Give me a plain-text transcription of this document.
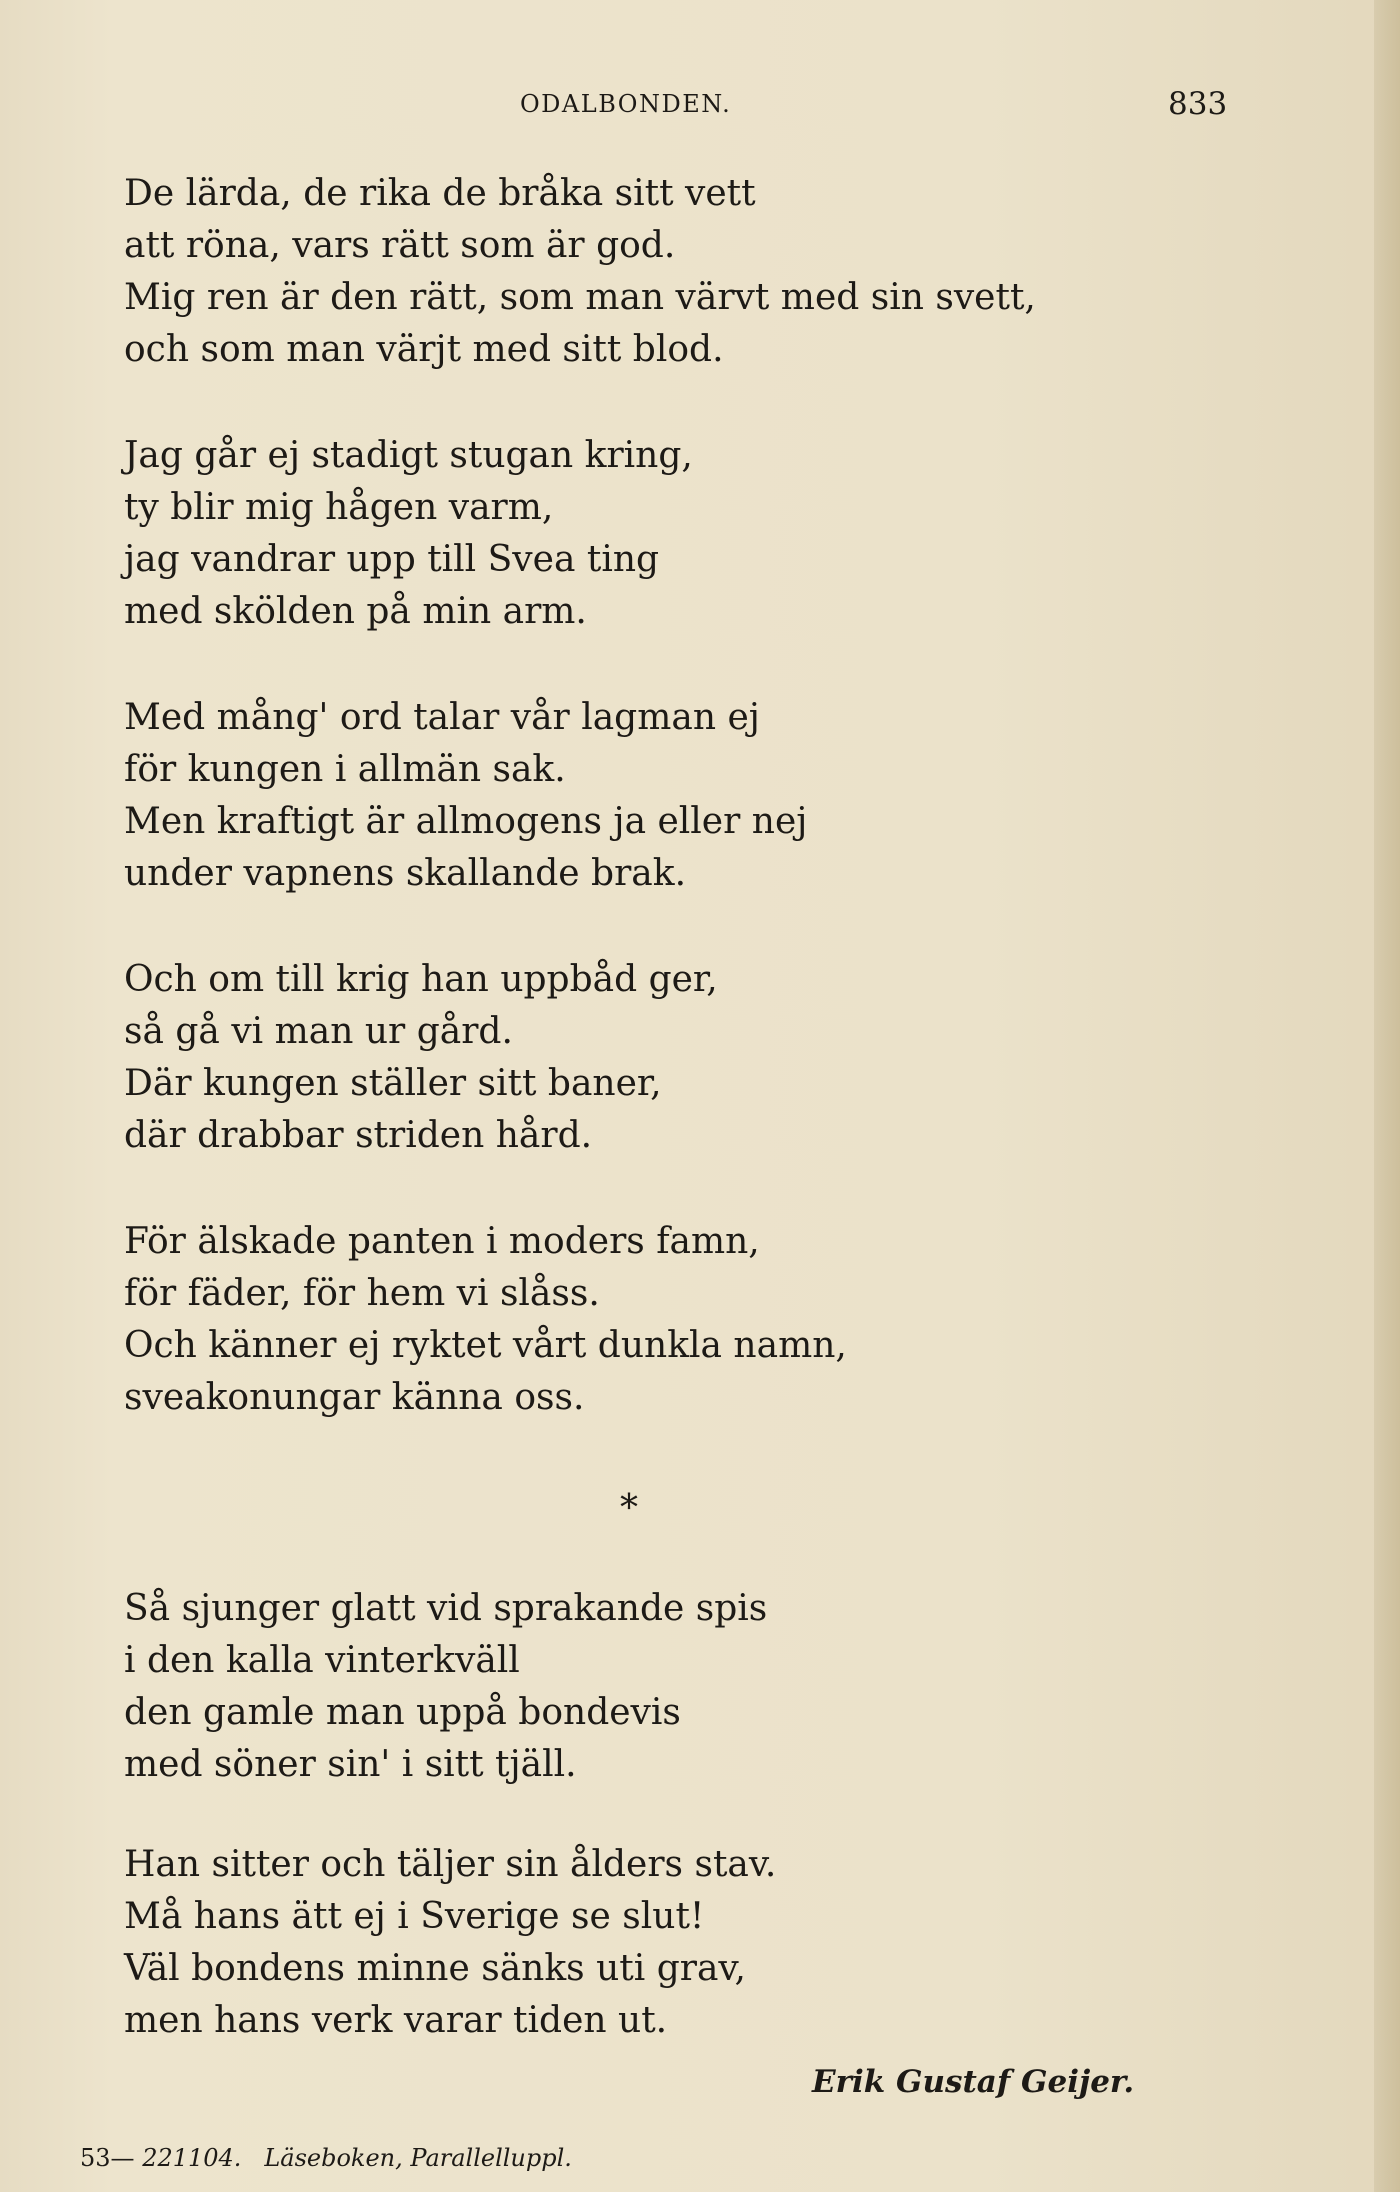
ODALBONDEN.	833
De lärda, de rika de bråka sitt vett
att röna, vars rätt som är god.
Mig ren är den rätt, som man värvt med sin svett,
och som man värjt med sitt blod.
Jag går ej stadigt stugan kring,
ty blir mig hågen varm,
jag vandrar upp till Svea ting
med skölden på min arm.
Med mång' ord talar vår lagman ej
för kungen i allmän sak.
Men kraftigt är allmogens ja eller nej
under vapnens skallande brak.
Och om till krig han uppbåd ger,
så gå vi man ur gård.
Där kungen ställer sitt baner,
där drabbar striden hård.
För älskade panten i moders famn,
för fäder, för hem vi slåss.
Och känner ej ryktet vårt dunkla namn,
sveakonungar känna oss.
*
Så sjunger glatt vid sprakande spis
i den kalla vinterkväll
den gamle man uppå bondevis
med söner sin' i sitt tjäll.
Han sitter och täljer sin ålders stav.
Må hans ätt ej i Sverige se slut!
Väl bondens minne sänks uti grav,
men hans verk varar tiden ut.
Erik Gustaf Geijer.
53— 221104. Läseboken, Parallelluppl.
